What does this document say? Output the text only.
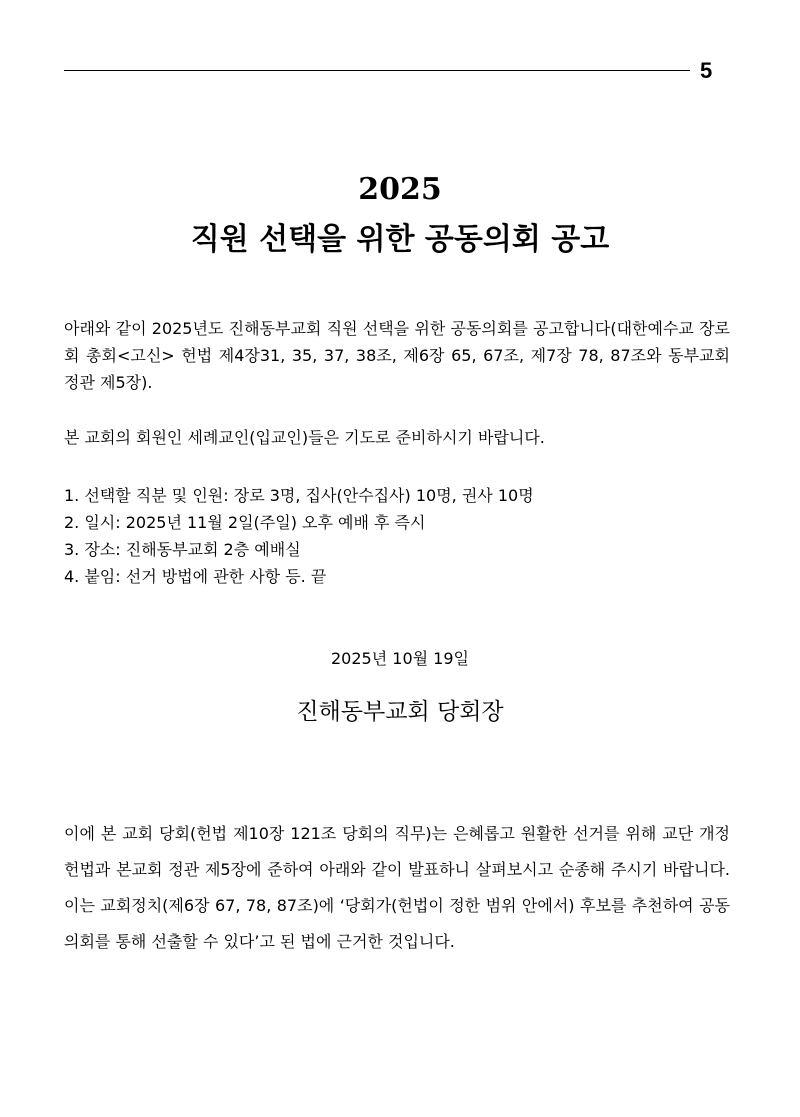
5
2025
직원 선택을 위한 공동의회 공고

아래와 같이 2025년도 진해동부교회 직원 선택을 위한 공동의회를 공고합니다(대한예수교 장로회 총회<고신> 헌법 제4장31, 35, 37, 38조, 제6장 65, 67조, 제7장 78, 87조와 동부교회 정관 제5장).

본 교회의 회원인 세례교인(입교인)들은 기도로 준비하시기 바랍니다.

1. 선택할 직분 및 인원: 장로 3명, 집사(안수집사) 10명, 권사 10명
2. 일시: 2025년 11월 2일(주일) 오후 예배 후 즉시
3. 장소: 진해동부교회 2층 예배실
4. 붙임: 선거 방법에 관한 사항 등. 끝
2025년 10월 19일
진해동부교회 당회장

이에 본 교회 당회(헌법 제10장 121조 당회의 직무)는 은혜롭고 원활한 선거를 위해 교단 개정 헌법과 본교회 정관 제5장에 준하여 아래와 같이 발표하니 살펴보시고 순종해 주시기 바랍니다. 이는 교회정치(제6장 67, 78, 87조)에 ‘당회가(헌법이 정한 범위 안에서) 후보를 추천하여 공동의회를 통해 선출할 수 있다’고 된 법에 근거한 것입니다.
